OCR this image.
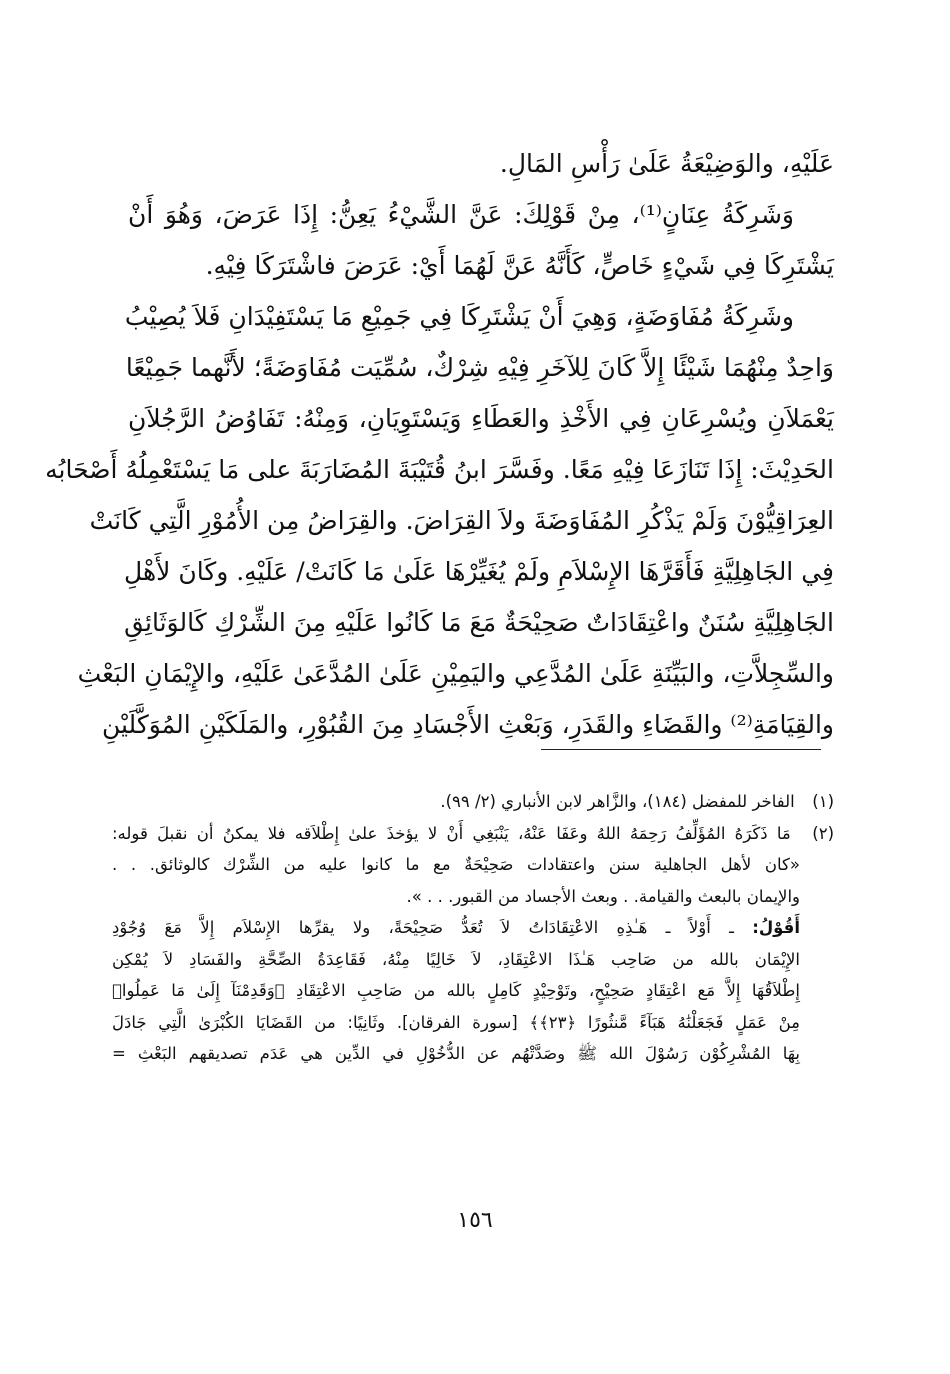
عَلَيْهِ، والوَضِيْعَةُ عَلَىٰ رَأْسِ المَالِ.
وَشَرِكَةُ عِنَانٍ⁽¹⁾، مِنْ قَوْلِكَ: عَنَّ الشَّيْءُ يَعِنُّ: إِذَا عَرَضَ، وَهُوَ أَنْ
يَشْتَرِكَا فِي شَيْءٍ خَاصٍّ، كَأَنَّهُ عَنَّ لَهُمَا أَيْ: عَرَضَ فاشْتَرَكَا فِيْهِ.
وشَرِكَةُ مُفَاوَضَةٍ، وَهِيَ أَنْ يَشْتَرِكَا فِي جَمِيْعِ مَا يَسْتَفِيْدَانِ فَلاَ يُصِيْبُ
وَاحِدٌ مِنْهُمَا شَيْئًا إِلاَّ كَانَ لِلآخَرِ فِيْهِ شِرْكٌ، سُمِّيَت مُفَاوَضَةً؛ لأَنَّهما جَمِيْعًا
يَعْمَلاَنِ ويُسْرِعَانِ فِي الأَخْذِ والعَطَاءِ وَيَسْتَوِيَانِ، وَمِنْهُ: تَفَاوُضُ الرَّجُلاَنِ
الحَدِيْثَ: إِذَا تَنَازَعَا فِيْهِ مَعًا. وفَسَّرَ ابنُ قُتَيْبَةَ المُضَارَبَةَ على مَا يَسْتَعْمِلُهُ أَصْحَابُه
العِرَاقِيُّوْنَ وَلَمْ يَذْكُرِ المُفَاوَضَةَ ولاَ القِرَاضَ. والقِرَاضُ مِن الأُمُوْرِ الَّتِي كَانَتْ
فِي الجَاهِلِيَّةِ فَأَقَرَّهَا الإِسْلاَمِ ولَمْ يُغَيِّرْهَا عَلَىٰ مَا كَانَتْ/ عَلَيْهِ. وكَانَ لأَهْلِ
الجَاهِلِيَّةِ سُنَنٌ واعْتِقَادَاتٌ صَحِيْحَةٌ مَعَ مَا كَانُوا عَلَيْهِ مِنَ الشِّرْكِ كَالوَثَائِقِ
والسِّجِلاَّتِ، والبَيِّنَةِ عَلَىٰ المُدَّعِي واليَمِيْنِ عَلَىٰ المُدَّعَىٰ عَلَيْهِ، والإِيْمَانِ البَعْثِ
والقِيَامَةِ⁽²⁾ والقَضَاءِ والقَدَرِ، وَبَعْثِ الأَجْسَادِ مِنَ القُبُوْرِ، والمَلَكَيْنِ المُوَكَّلَيْنِ
(١) الفاخر للمفضل (١٨٤)، والزَّاهر لابن الأنباري (٢/ ٩٩).
(٢) مَا ذَكَرَهُ المُؤَلِّفُ رَحِمَهُ اللهُ وعَفَا عَنْهُ، يَنْبَغِي أَنْ لا يؤخذَ علىٰ إِطْلاَقه فلا يمكنُ أن نقبلَ قوله:
«كان لأهل الجاهلية سنن واعتقادات صَحِيْحَةٌ مع ما كانوا عليه من الشِّرْك كالوثائق. . .
والإيمان بالبعث والقيامة. . وبعث الأجساد من القبور. . . ».
أَقُوْلُ: ـ أَوْلاً ـ هَـٰذِهِ الاعْتِقَادَاتُ لاَ تُعَدُّ صَحِيْحَةً، ولا يقرِّها الإِسْلاَم إِلاَّ مَعَ وُجُوْدِ
الإِيْمَان بالله من صَاحِب هَـٰذَا الاعْتِقَادِ، لاَ خَالِيًا مِنْهُ، فَقَاعِدَةُ الصِّحَّةِ والفَسَادِ لاَ يُمْكِن
إِطْلاَقُهَا إِلاَّ مَع اعْتِقَادٍ صَحِيْحٍ، وتَوْحِيْدٍ كَامِلٍ بالله من صَاحِبِ الاعْتِقَادِ ﴿وَقَدِمْنَآ إِلَىٰ مَا عَمِلُوا۟
مِنْ عَمَلٍ فَجَعَلْنَٰهُ هَبَآءً مَّنثُورًا ﴿٢٣﴾﴾ [سورة الفرقان]. وثَانِيًا: من القَضَايَا الكُبْرَىٰ الَّتِي جَادَلَ
بِهَا المُشْرِكُوْن رَسُوْلَ الله ﷺ وصَدَّتْهُم عن الدُّخُوْلِ في الدِّين هي عَدَم تصديقهم البَعْثِ =
١٥٦
